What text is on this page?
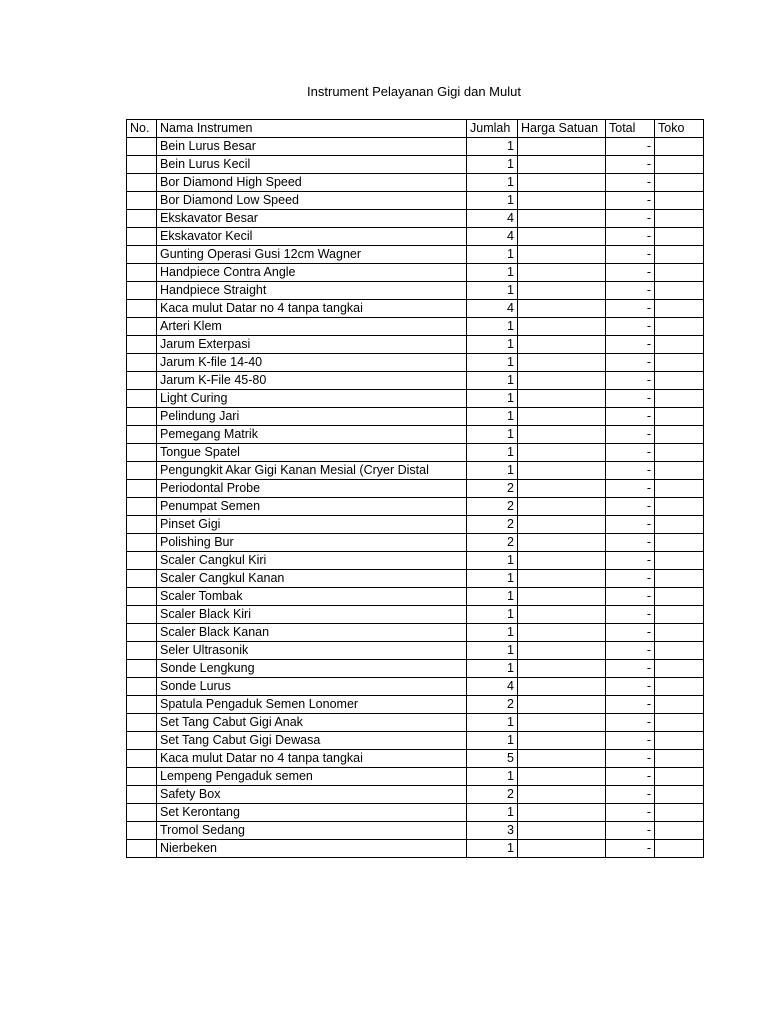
Instrument Pelayanan Gigi dan Mulut
No.	Nama Instrumen	Jumlah	Harga Satuan	Total	Toko
	Bein Lurus Besar	1		-	
	Bein Lurus Kecil	1		-	
	Bor Diamond High Speed	1		-	
	Bor Diamond Low Speed	1		-	
	Ekskavator Besar	4		-	
	Ekskavator Kecil	4		-	
	Gunting Operasi Gusi 12cm Wagner	1		-	
	Handpiece Contra Angle	1		-	
	Handpiece Straight	1		-	
	Kaca mulut Datar no 4 tanpa tangkai	4		-	
	Arteri Klem	1		-	
	Jarum Exterpasi	1		-	
	Jarum K-file 14-40	1		-	
	Jarum K-File 45-80	1		-	
	Light Curing	1		-	
	Pelindung Jari	1		-	
	Pemegang Matrik	1		-	
	Tongue Spatel	1		-	
	Pengungkit Akar Gigi Kanan Mesial (Cryer Distal	1		-	
	Periodontal Probe	2		-	
	Penumpat Semen	2		-	
	Pinset Gigi	2		-	
	Polishing Bur	2		-	
	Scaler Cangkul Kiri	1		-	
	Scaler Cangkul Kanan	1		-	
	Scaler Tombak	1		-	
	Scaler Black Kiri	1		-	
	Scaler Black Kanan	1		-	
	Seler Ultrasonik	1		-	
	Sonde Lengkung	1		-	
	Sonde Lurus	4		-	
	Spatula Pengaduk Semen Lonomer	2		-	
	Set Tang Cabut Gigi Anak	1		-	
	Set Tang Cabut Gigi Dewasa	1		-	
	Kaca mulut Datar no 4 tanpa tangkai	5		-	
	Lempeng Pengaduk semen	1		-	
	Safety Box	2		-	
	Set Kerontang	1		-	
	Tromol Sedang	3		-	
	Nierbeken	1		-	
